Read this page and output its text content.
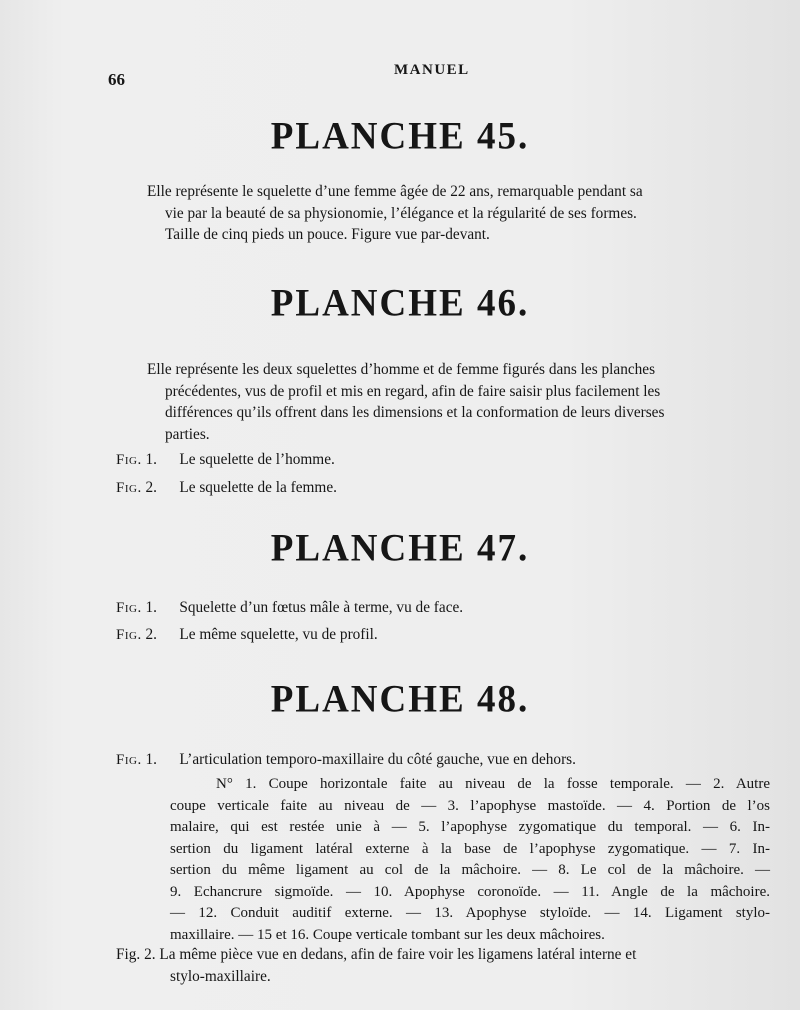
66	MANUEL
PLANCHE 45.
Elle représente le squelette d’une femme âgée de 22 ans, remarquable pendant sa
vie par la beauté de sa physionomie, l’élégance et la régularité de ses formes.
Taille de cinq pieds un pouce. Figure vue par-devant.
PLANCHE 46.
Elle représente les deux squelettes d’homme et de femme figurés dans les planches
précédentes, vus de profil et mis en regard, afin de faire saisir plus facilement les
différences qu’ils offrent dans les dimensions et la conformation de leurs diverses
parties.
Fig. 1. Le squelette de l’homme.
Fig. 2. Le squelette de la femme.
PLANCHE 47.
Fig. 1. Squelette d’un fœtus mâle à terme, vu de face.
Fig. 2. Le même squelette, vu de profil.
PLANCHE 48.
Fig. 1. L’articulation temporo-maxillaire du côté gauche, vue en dehors.
N° 1. Coupe horizontale faite au niveau de la fosse temporale. — 2. Autre
coupe verticale faite au niveau de — 3. l’apophyse mastoïde. — 4. Portion de l’os
malaire, qui est restée unie à — 5. l’apophyse zygomatique du temporal. — 6. In-
sertion du ligament latéral externe à la base de l’apophyse zygomatique. — 7. In-
sertion du même ligament au col de la mâchoire. — 8. Le col de la mâchoire. —
9. Echancrure sigmoïde. — 10. Apophyse coronoïde. — 11. Angle de la mâchoire.
— 12. Conduit auditif externe. — 13. Apophyse styloïde. — 14. Ligament stylo-
maxillaire. — 15 et 16. Coupe verticale tombant sur les deux mâchoires.
Fig. 2. La même pièce vue en dedans, afin de faire voir les ligamens latéral interne et
stylo-maxillaire.
